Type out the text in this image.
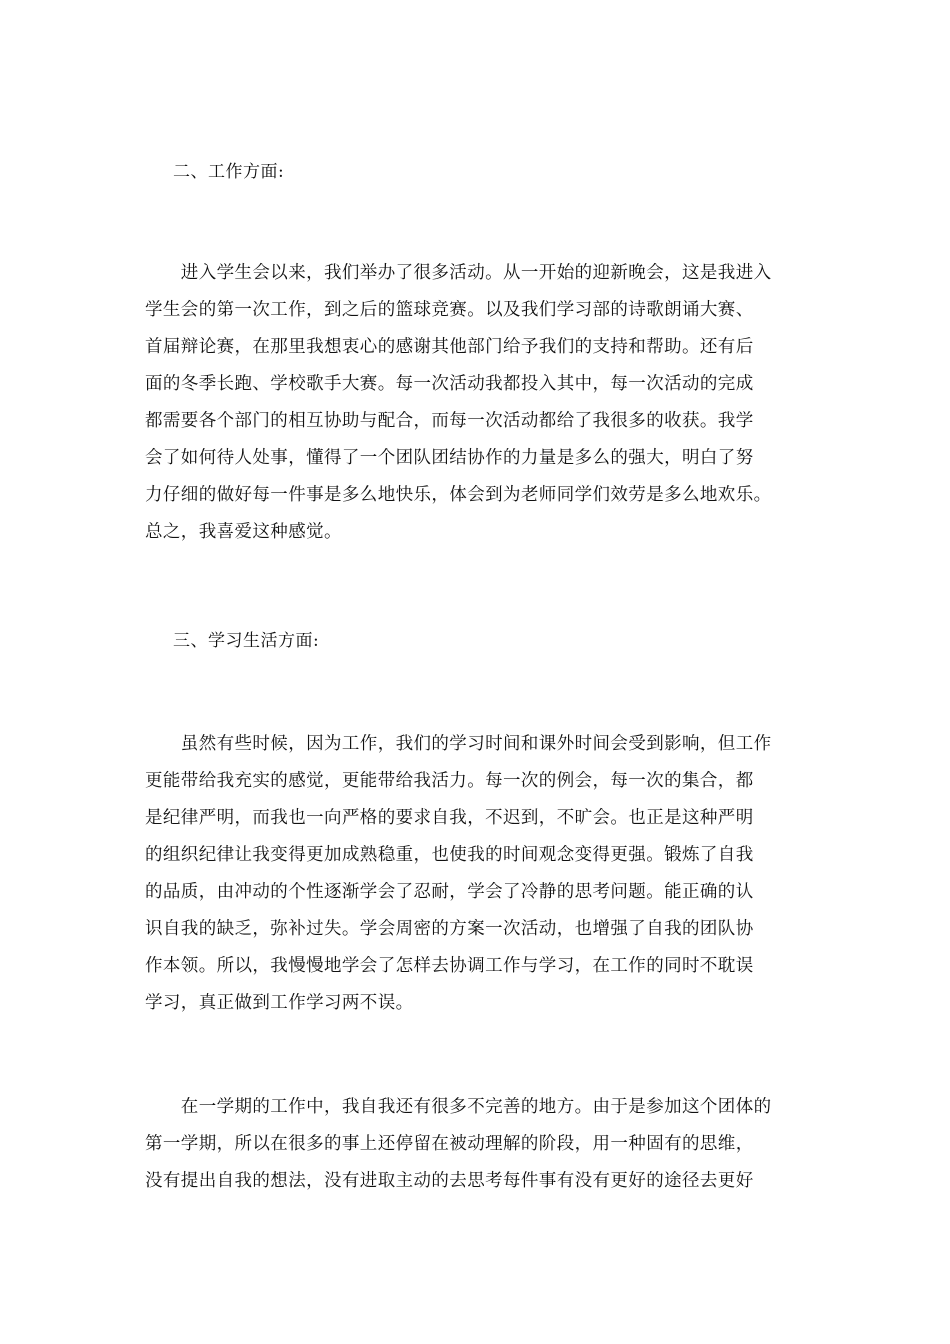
二、工作方面:
　　进入学生会以来，我们举办了很多活动。从一开始的迎新晚会，这是我进入
学生会的第一次工作，到之后的篮球竞赛。以及我们学习部的诗歌朗诵大赛、
首届辩论赛，在那里我想衷心的感谢其他部门给予我们的支持和帮助。还有后
面的冬季长跑、学校歌手大赛。每一次活动我都投入其中，每一次活动的完成
都需要各个部门的相互协助与配合，而每一次活动都给了我很多的收获。我学
会了如何待人处事，懂得了一个团队团结协作的力量是多么的强大，明白了努
力仔细的做好每一件事是多么地快乐，体会到为老师同学们效劳是多么地欢乐。
总之，我喜爱这种感觉。
三、学习生活方面:
　　虽然有些时候，因为工作，我们的学习时间和课外时间会受到影响，但工作
更能带给我充实的感觉，更能带给我活力。每一次的例会，每一次的集合，都
是纪律严明，而我也一向严格的要求自我，不迟到，不旷会。也正是这种严明
的组织纪律让我变得更加成熟稳重，也使我的时间观念变得更强。锻炼了自我
的品质，由冲动的个性逐渐学会了忍耐，学会了冷静的思考问题。能正确的认
识自我的缺乏，弥补过失。学会周密的方案一次活动，也增强了自我的团队协
作本领。所以，我慢慢地学会了怎样去协调工作与学习，在工作的同时不耽误
学习，真正做到工作学习两不误。
　　在一学期的工作中，我自我还有很多不完善的地方。由于是参加这个团体的
第一学期，所以在很多的事上还停留在被动理解的阶段，用一种固有的思维，
没有提出自我的想法，没有进取主动的去思考每件事有没有更好的途径去更好
